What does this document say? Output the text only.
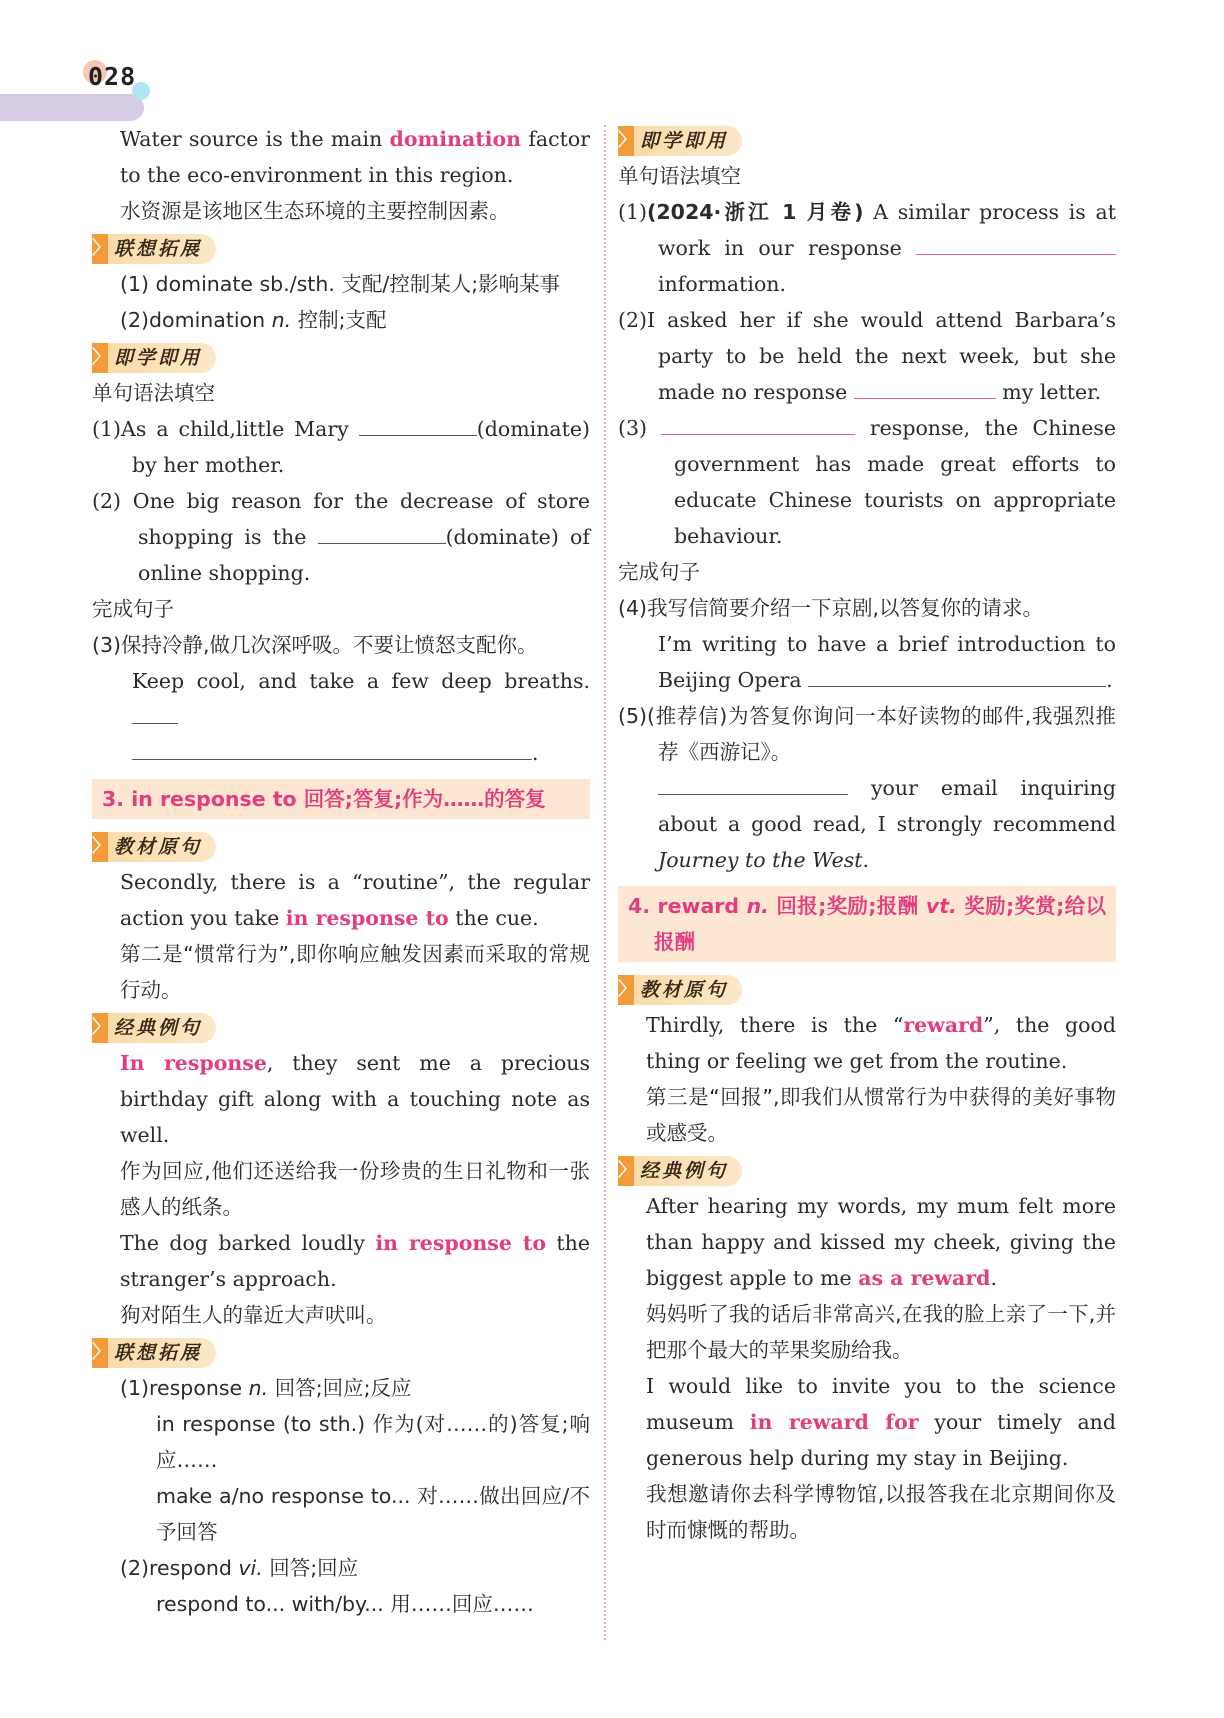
028

Water source is the main domination factor to the eco-environment in this region.

水资源是该地区生态环境的主要控制因素。

〉 联想拓展

(1) dominate sb./sth. 支配/控制某人;影响某事

(2)domination n. 控制;支配

〉 即学即用

单句语法填空

(1)As a child,little Mary	(dominate) by her mother.

(2) One big reason for the decrease of store shopping is the	(dominate) of online shopping.

完成句子

(3)保持冷静,做几次深呼吸。不要让愤怒支配你。

Keep cool, and take a few deep breaths.
.

3. in response to 回答;答复;作为……的答复

〉 教材原句

Secondly, there is a “routine”, the regular action you take in response to the cue.

第二是“惯常行为”,即你响应触发因素而采取的常规行动。

〉 经典例句

In response, they sent me a precious birthday gift along with a touching note as well.

作为回应,他们还送给我一份珍贵的生日礼物和一张感人的纸条。

The dog barked loudly in response to the stranger’s approach.

狗对陌生人的靠近大声吠叫。

〉 联想拓展

(1)response n. 回答;回应;反应

in response (to sth.) 作为(对……的)答复;响应……

make a/no response to... 对……做出回应/不予回答

(2)respond vi. 回答;回应

respond to... with/by... 用……回应……

〉 即学即用

单句语法填空

(1)(2024·浙江 1 月卷) A similar process is at work in our response  information.

(2)I asked her if she would attend Barbara’s party to be held the next week, but she made no response	my letter.

(3)	response, the Chinese government has made great efforts to educate Chinese tourists on appropriate behaviour.

完成句子

(4)我写信简要介绍一下京剧,以答复你的请求。

I’m writing to have a brief introduction to Beijing Opera	.

(5)(推荐信)为答复你询问一本好读物的邮件,我强烈推荐《西游记》。

your email inquiring about a good read, I strongly recommend Journey to the West.

4. reward n. 回报;奖励;报酬 vt. 奖励;奖赏;给以报酬

〉 教材原句

Thirdly, there is the “reward”, the good thing or feeling we get from the routine.

第三是“回报”,即我们从惯常行为中获得的美好事物或感受。

〉 经典例句

After hearing my words, my mum felt more than happy and kissed my cheek, giving the biggest apple to me as a reward.

妈妈听了我的话后非常高兴,在我的脸上亲了一下,并把那个最大的苹果奖励给我。

I would like to invite you to the science museum in reward for your timely and generous help during my stay in Beijing.

我想邀请你去科学博物馆,以报答我在北京期间你及时而慷慨的帮助。
